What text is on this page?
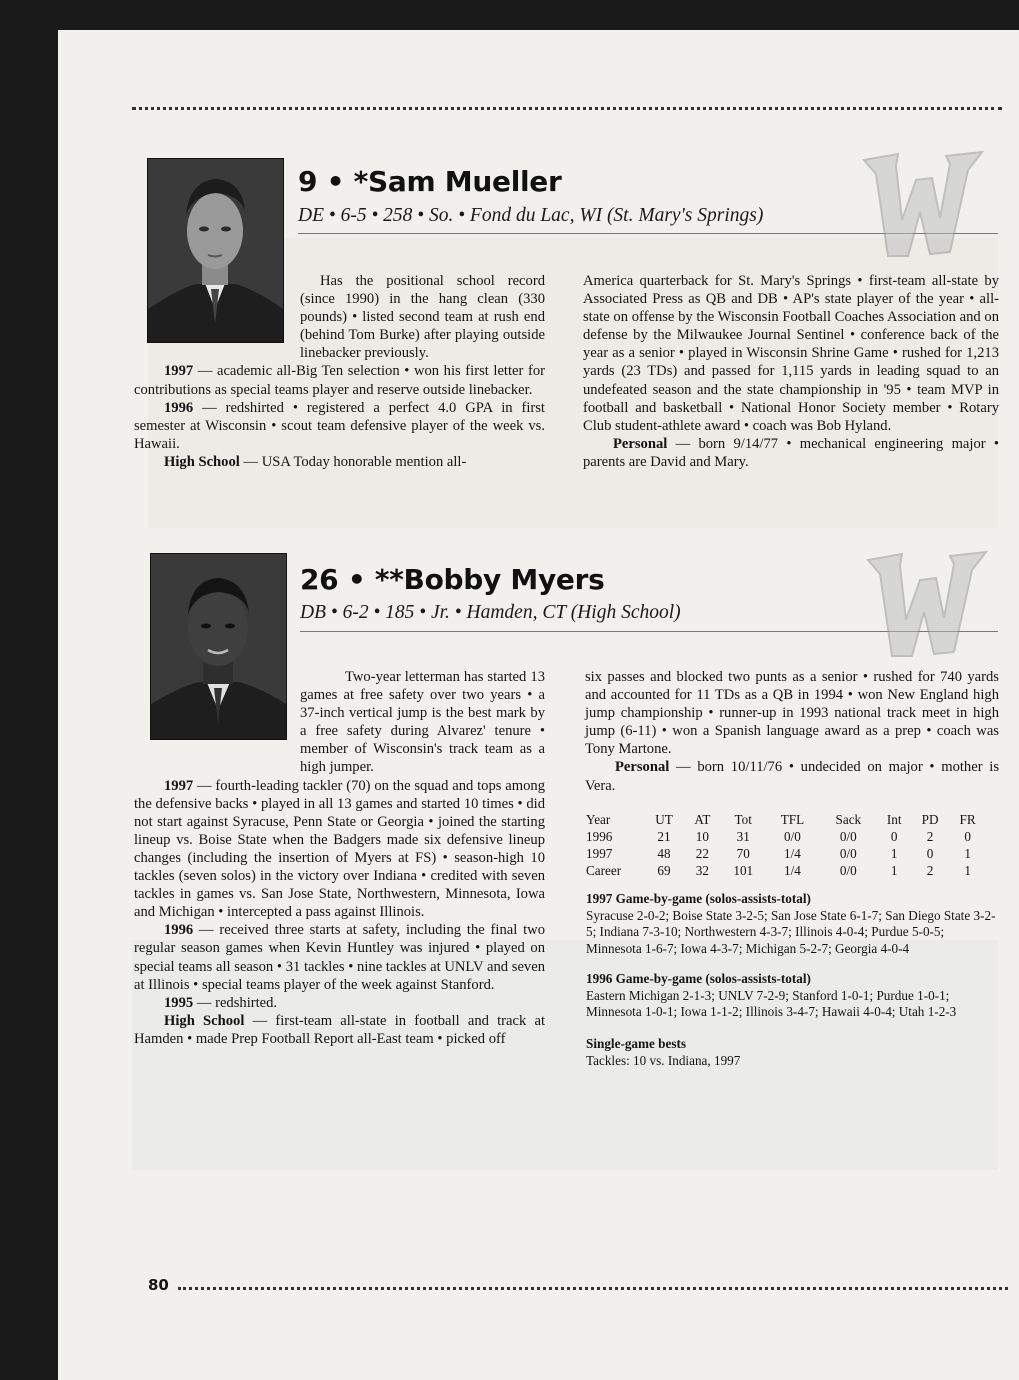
9 • *Sam Mueller
DE • 6-5 • 258 • So. • Fond du Lac, WI (St. Mary's Springs)

Has the positional school record (since 1990) in the hang clean (330 pounds) • listed second team at rush end (behind Tom Burke) after playing outside linebacker previously.

1997 — academic all-Big Ten selection • won his first letter for contributions as special teams player and reserve outside linebacker.

1996 — redshirted • registered a perfect 4.0 GPA in first semester at Wisconsin • scout team defensive player of the week vs. Hawaii.

High School — USA Today honorable mention all-

America quarterback for St. Mary's Springs • first-team all-state by Associated Press as QB and DB • AP's state player of the year • all-state on offense by the Wisconsin Football Coaches Association and on defense by the Milwaukee Journal Sentinel • conference back of the year as a senior • played in Wisconsin Shrine Game • rushed for 1,213 yards (23 TDs) and passed for 1,115 yards in leading squad to an undefeated season and the state championship in '95 • team MVP in football and basketball • National Honor Society member • Rotary Club student-athlete award • coach was Bob Hyland.

Personal — born 9/14/77 • mechanical engineering major • parents are David and Mary.

26 • **Bobby Myers
DB • 6-2 • 185 • Jr. • Hamden, CT (High School)

Two-year letterman has started 13 games at free safety over two years • a 37-inch vertical jump is the best mark by a free safety during Alvarez' tenure • member of Wisconsin's track team as a high jumper.

1997 — fourth-leading tackler (70) on the squad and tops among the defensive backs • played in all 13 games and started 10 times • did not start against Syracuse, Penn State or Georgia • joined the starting lineup vs. Boise State when the Badgers made six defensive lineup changes (including the insertion of Myers at FS) • season-high 10 tackles (seven solos) in the victory over Indiana • credited with seven tackles in games vs. San Jose State, Northwestern, Minnesota, Iowa and Michigan • intercepted a pass against Illinois.

1996 — received three starts at safety, including the final two regular season games when Kevin Huntley was injured • played on special teams all season • 31 tackles • nine tackles at UNLV and seven at Illinois • special teams player of the week against Stanford.

1995 — redshirted.

High School — first-team all-state in football and track at Hamden • made Prep Football Report all-East team • picked off

six passes and blocked two punts as a senior • rushed for 740 yards and accounted for 11 TDs as a QB in 1994 • won New England high jump championship • runner-up in 1993 national track meet in high jump (6-11) • won a Spanish language award as a prep • coach was Tony Martone.

Personal — born 10/11/76 • undecided on major • mother is Vera.

Year	UT	AT	Tot	TFL	Sack	Int	PD	FR
1996	21	10	31	0/0	0/0	0	2	0
1997	48	22	70	1/4	0/0	1	0	1
Career	69	32	101	1/4	0/0	1	2	1
1997 Game-by-game (solos-assists-total)
Syracuse 2-0-2; Boise State 3-2-5; San Jose State 6-1-7; San Diego State 3-2-5; Indiana 7-3-10; Northwestern 4-3-7; Illinois 4-0-4; Purdue 5-0-5; Minnesota 1-6-7; Iowa 4-3-7; Michigan 5-2-7; Georgia 4-0-4
1996 Game-by-game (solos-assists-total)
Eastern Michigan 2-1-3; UNLV 7-2-9; Stanford 1-0-1; Purdue 1-0-1; Minnesota 1-0-1; Iowa 1-1-2; Illinois 3-4-7; Hawaii 4-0-4; Utah 1-2-3
Single-game bests
Tackles: 10 vs. Indiana, 1997
80
